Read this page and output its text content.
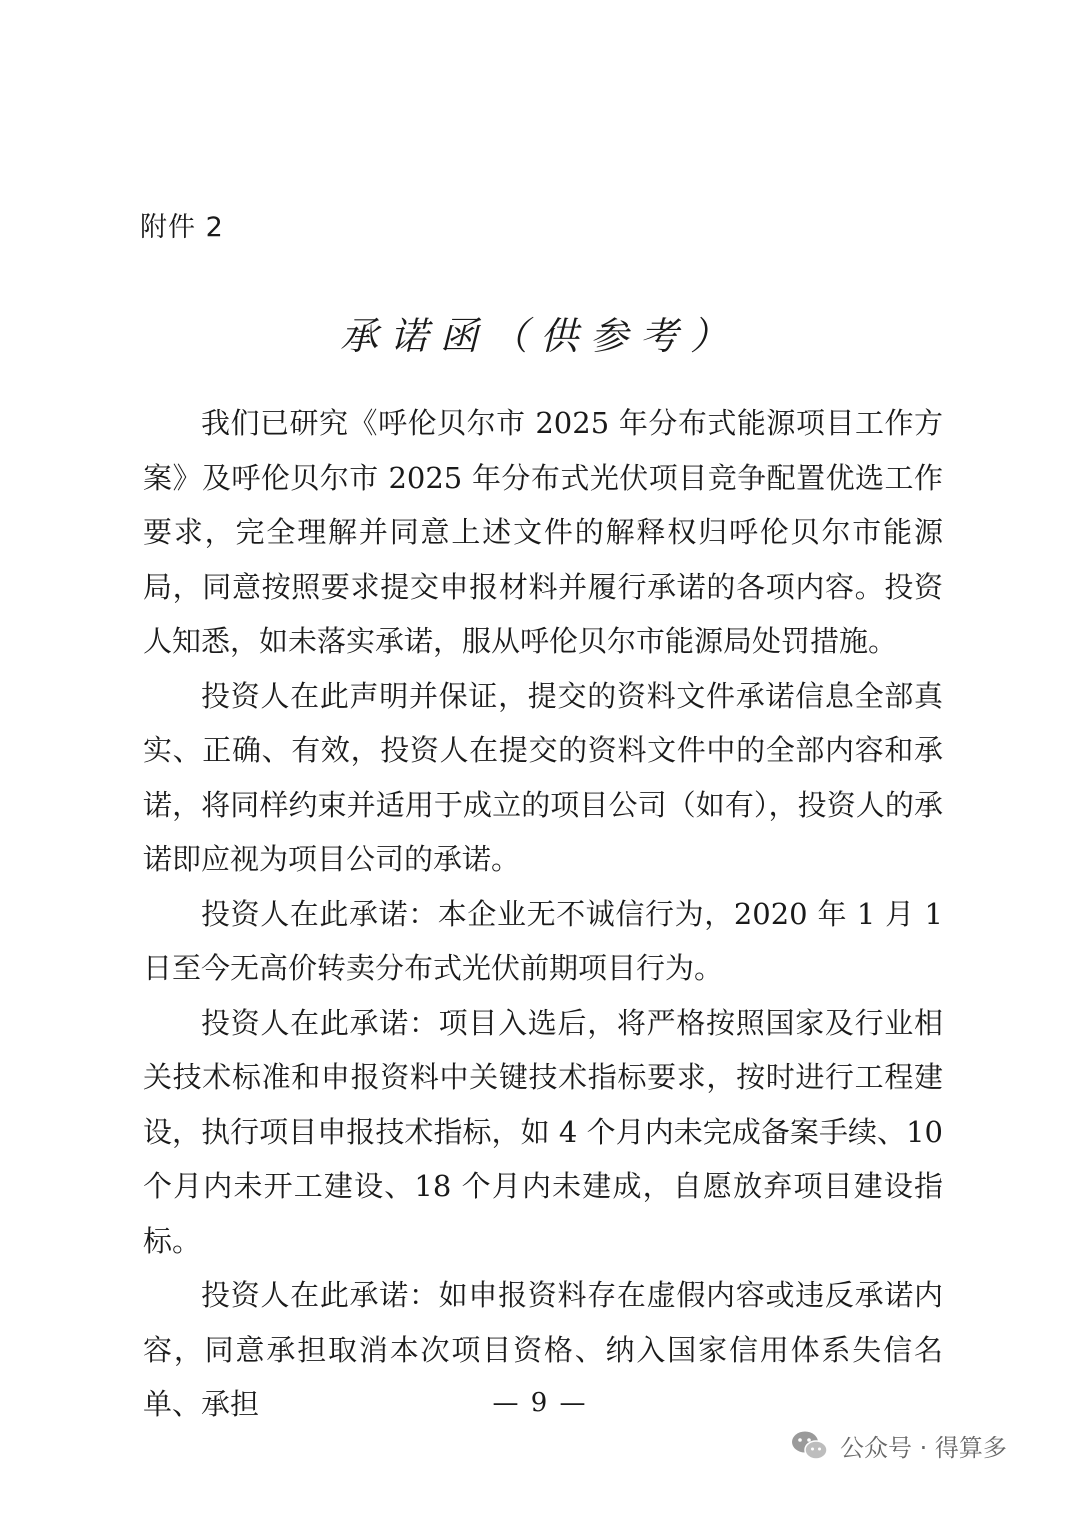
附件 2
承诺函（供参考）

我们已研究《呼伦贝尔市 2025 年分布式能源项目工作方案》及呼伦贝尔市 2025 年分布式光伏项目竞争配置优选工作要求，完全理解并同意上述文件的解释权归呼伦贝尔市能源局，同意按照要求提交申报材料并履行承诺的各项内容。投资人知悉，如未落实承诺，服从呼伦贝尔市能源局处罚措施。

投资人在此声明并保证，提交的资料文件承诺信息全部真实、正确、有效，投资人在提交的资料文件中的全部内容和承诺，将同样约束并适用于成立的项目公司（如有），投资人的承诺即应视为项目公司的承诺。

投资人在此承诺：本企业无不诚信行为，2020 年 1 月 1 日至今无高价转卖分布式光伏前期项目行为。

投资人在此承诺：项目入选后，将严格按照国家及行业相关技术标准和申报资料中关键技术指标要求，按时进行工程建设，执行项目申报技术指标，如 4 个月内未完成备案手续、10 个月内未开工建设、18 个月内未建成，自愿放弃项目建设指标。

投资人在此承诺：如申报资料存在虚假内容或违反承诺内容，同意承担取消本次项目资格、纳入国家信用体系失信名单、承担	— 9 —
公众号 · 得算多
